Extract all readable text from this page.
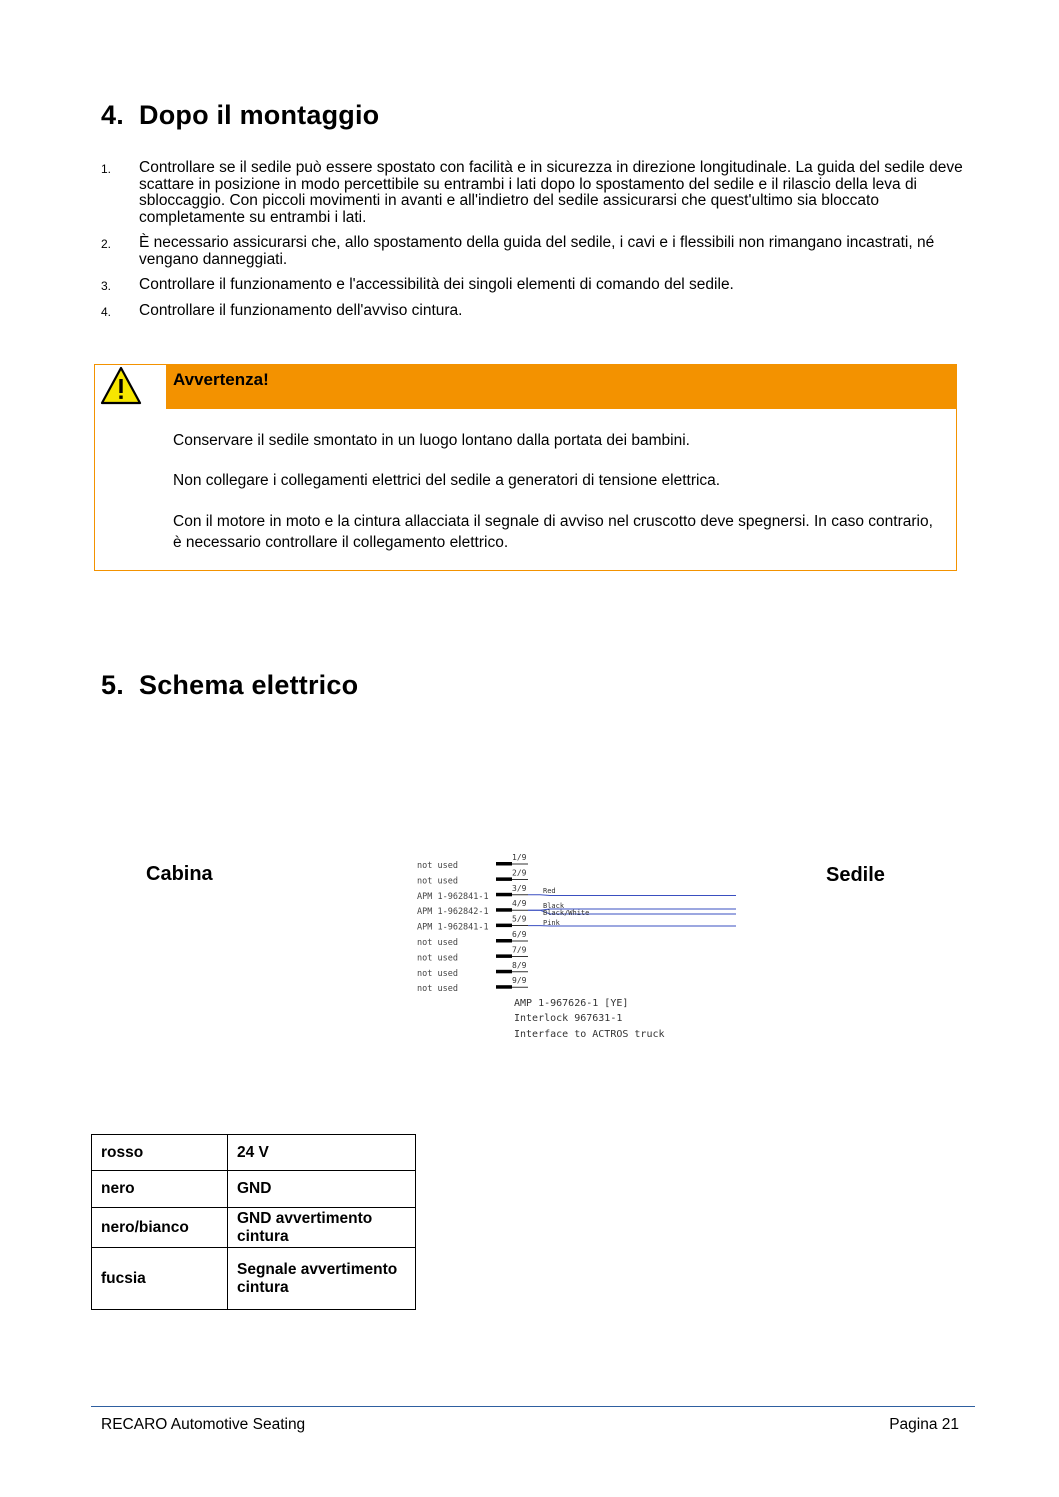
4. Dopo il montaggio
1. Controllare se il sedile può essere spostato con facilità e in sicurezza in direzione longitudinale. La guida del sedile deve scattare in posizione in modo percettibile su entrambi i lati dopo lo spostamento del sedile e il rilascio della leva di sbloccaggio. Con piccoli movimenti in avanti e all'indietro del sedile assicurarsi che quest'ultimo sia bloccato completamente su entrambi i lati.
2. È necessario assicurarsi che, allo spostamento della guida del sedile, i cavi e i flessibili non rimangano incastrati, né vengano danneggiati.
3. Controllare il funzionamento e l'accessibilità dei singoli elementi di comando del sedile.
4. Controllare il funzionamento dell'avviso cintura.
Avvertenza!
Conservare il sedile smontato in un luogo lontano dalla portata dei bambini.
Non collegare i collegamenti elettrici del sedile a generatori di tensione elettrica.
Con il motore in moto e la cintura allacciata il segnale di avviso nel cruscotto deve spegnersi. In caso contrario, è necessario controllare il collegamento elettrico.
5. Schema elettrico
Cabina	Sedile
not used
1/9
not used
2/9
APM 1-962841-1
3/9
APM 1-962842-1
4/9
APM 1-962841-1
5/9
not used
6/9
not used
7/9
not used
8/9
not used
9/9
Red
Black
Black/White
Pink
AMP 1-967626-1 [YE]
Interlock 967631-1
Interface to ACTROS truck
rosso	24 V
nero	GND
nero/bianco	GND avvertimento cintura
fucsia	Segnale avvertimento cintura
RECARO Automotive Seating	Pagina 21
